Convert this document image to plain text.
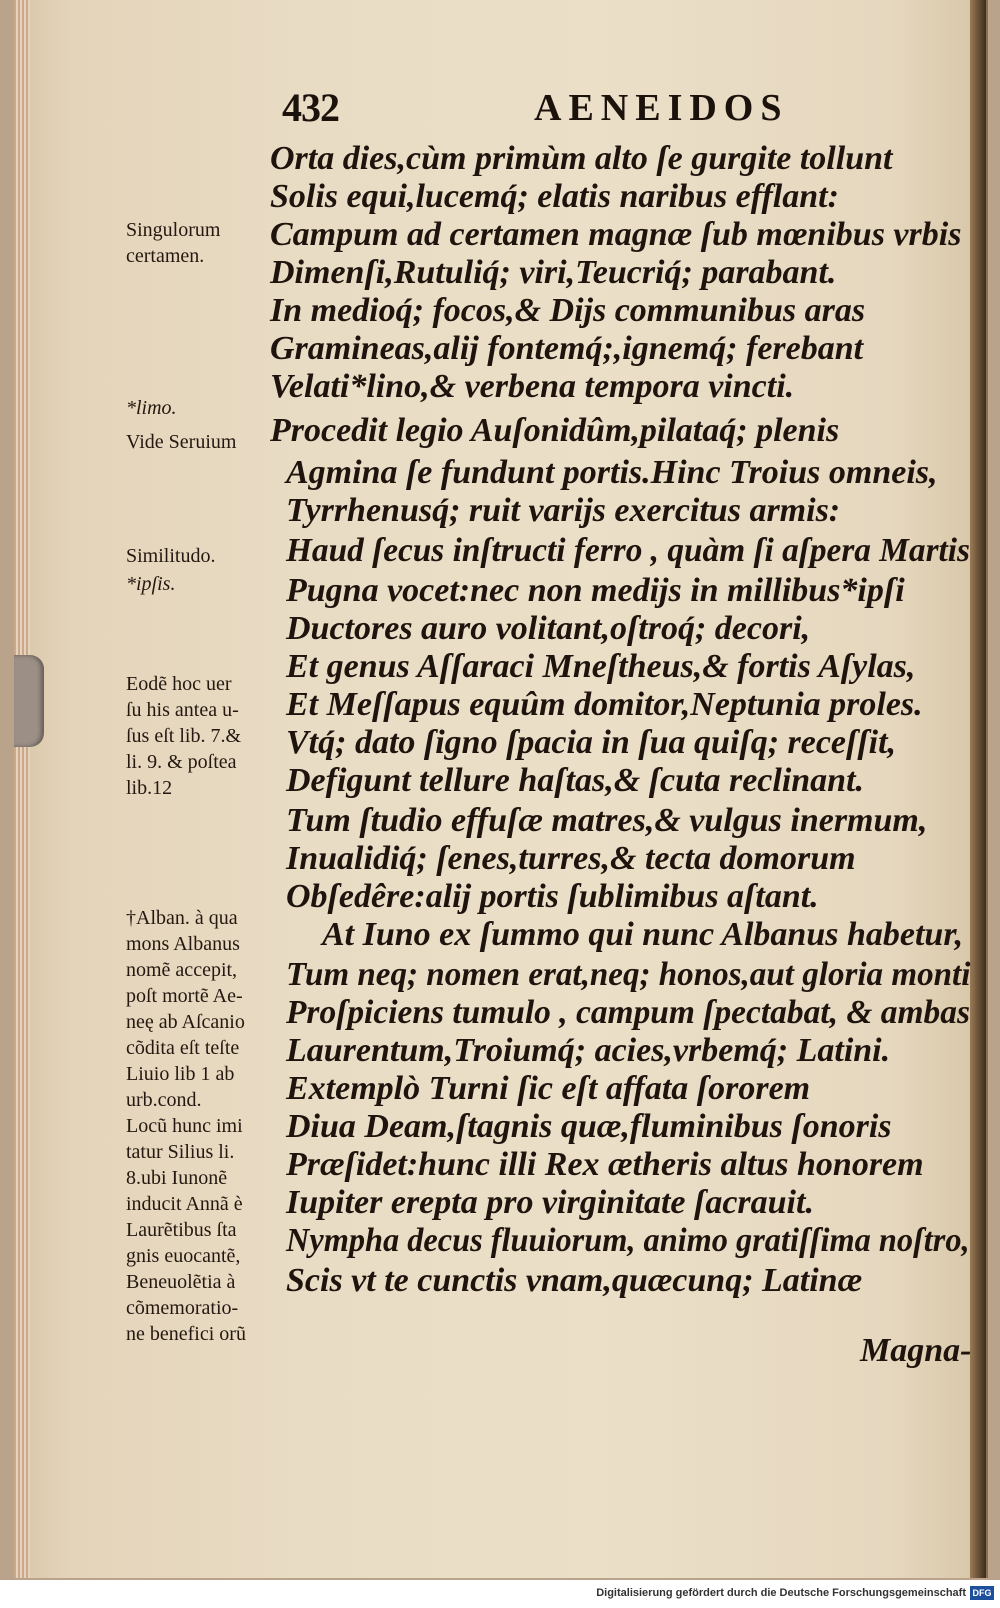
432	AENEIDOS
Singulorum
certamen.
*limo.
Vide Seruium
Similitudo.
*ipſis.
Eodẽ hoc uer
ſu his antea u-
ſus eſt lib. 7.&
li. 9. & poſtea
lib.12
†Alban. à qua
mons Albanus
nomẽ accepit,
poſt mortẽ Ae-
neę ab Aſcanio
cõdita eſt teſte
Liuio lib 1 ab
urb.cond.
Locũ hunc imi
tatur Silius li.
8.ubi Iunonẽ
inducit Annã è
Laurẽtibus ſta
gnis euocantẽ,
Beneuolẽtia à
cõmemoratio-
ne benefici orũ
Orta dies,cùm primùm alto ſe gurgite tollunt
Solis equi,lucemq́; elatis naribus efflant:
Campum ad certamen magnæ ſub mœnibus vrbis
Dimenſi,Rutuliq́; viri,Teucriq́; parabant.
In medioq́; focos,& Dijs communibus aras
Gramineas,alij fontemq́;,ignemq́; ferebant
Velati*lino,& verbena tempora vincti.
Procedit legio Auſonidûm,pilataq́; plenis
Agmina ſe fundunt portis.Hinc Troius omneis,
Tyrrhenusq́; ruit varijs exercitus armis:
Haud ſecus inſtructi ferro , quàm ſi aſpera Martis
Pugna vocet:nec non medijs in millibus*ipſi
Ductores auro volitant,oſtroq́; decori,
Et genus Aſſaraci Mneſtheus,& fortis Aſylas,
Et Meſſapus equûm domitor,Neptunia proles.
Vtq́; dato ſigno ſpacia in ſua quiſq; receſſit,
Defigunt tellure haſtas,& ſcuta reclinant.
Tum ſtudio effuſæ matres,& vulgus inermum,
Inualidiq́; ſenes,turres,& tecta domorum
Obſedêre:alij portis ſublimibus aſtant.
At Iuno ex ſummo qui nunc Albanus habetur,
Tum neq; nomen erat,neq; honos,aut gloria monti
Proſpiciens tumulo , campum ſpectabat, & ambas
Laurentum,Troiumq́; acies,vrbemq́; Latini.
Extemplò Turni ſic eſt affata ſororem
Diua Deam,ſtagnis quæ,fluminibus ſonoris
Præſidet:hunc illi Rex ætheris altus honorem
Iupiter erepta pro virginitate ſacrauit.
Nympha decus fluuiorum, animo gratiſſima noſtro,
Scis vt te cunctis vnam,quæcunq; Latinæ
Magna-
Digitalisierung gefördert durch die Deutsche Forschungsgemeinschaft DFG
